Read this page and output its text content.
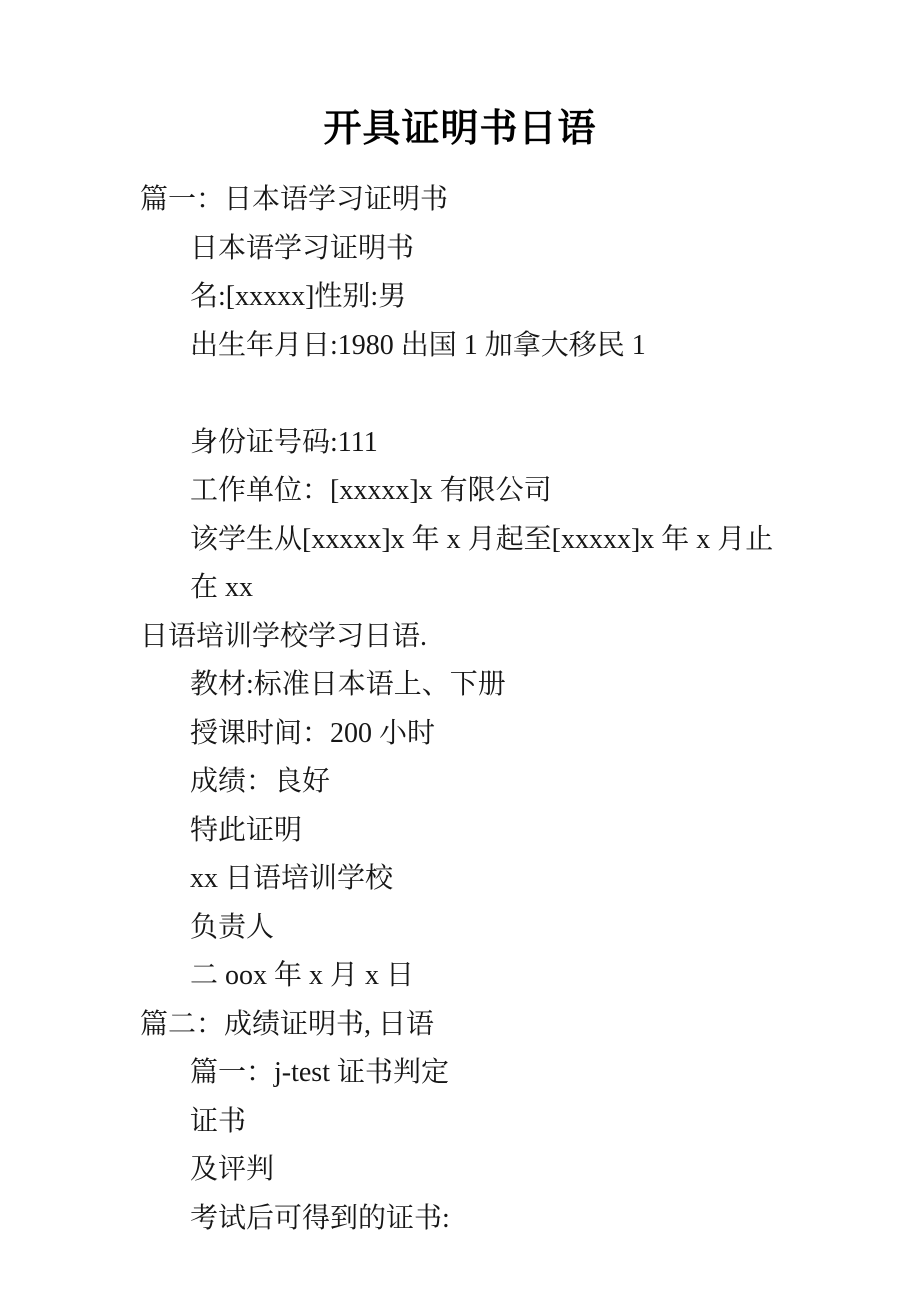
开具证明书日语
篇一：日本语学习证明书
日本语学习证明书
名:[xxxxx]性别:男
出生年月日:1980 出国 1 加拿大移民 1
身份证号码:111
工作单位：[xxxxx]x 有限公司
该学生从[xxxxx]x 年 x 月起至[xxxxx]x 年 x 月止在 xx
日语培训学校学习日语.
教材:标准日本语上、下册
授课时间：200 小时
成绩：良好
特此证明
xx 日语培训学校
负责人
二 oox 年 x 月 x 日
篇二：成绩证明书, 日语
篇一：j-test 证书判定
证书
及评判
考试后可得到的证书:
